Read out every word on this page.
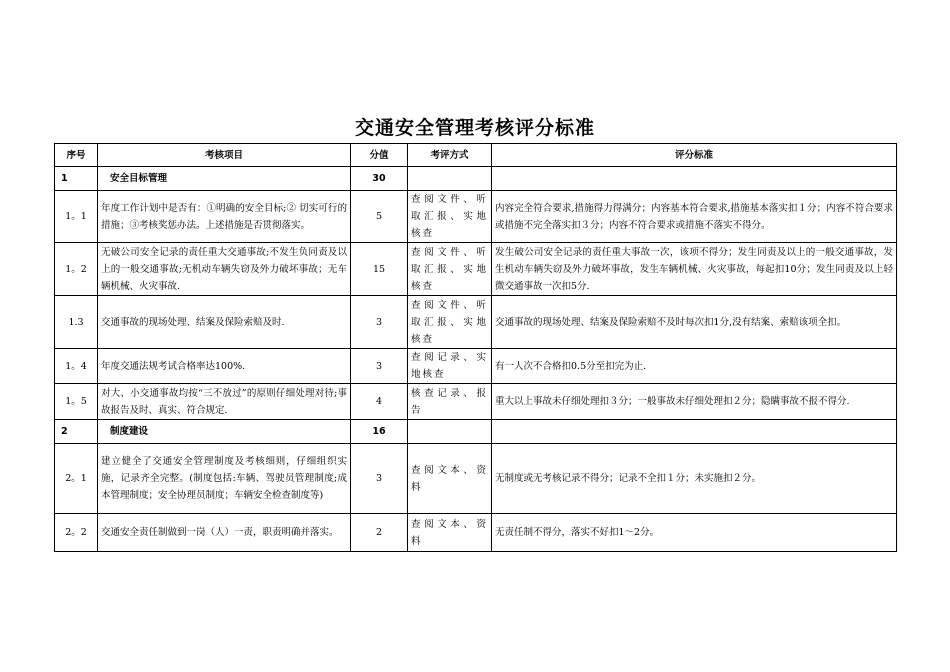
交通安全管理考核评分标准
序号	考核项目	分值	考评方式	评分标准
1	安全目标管理	30		
1。1	年度工作计划中是否有：①明确的安全目标;② 切实可行的措施；③考核奖惩办法。上述措施是否贯彻落实。	5	查阅文件、听取汇报、实地核查	内容完全符合要求,措施得力得满分；内容基本符合要求,措施基本落实扣１分；内容不符合要求或措施不完全落实扣３分；内容不符合要求或措施不落实不得分。
1。2	无破公司安全记录的责任重大交通事故;不发生负同责及以上的一般交通事故;无机动车辆失窃及外力破坏事故；无车辆机械、火灾事故.	15	查阅文件、听取汇报、实地核查	发生破公司安全记录的责任重大事故一次，该项不得分；发生同责及以上的一般交通事故，发生机动车辆失窃及外力破坏事故，发生车辆机械、火灾事故，每起扣10分；发生同责及以上轻微交通事故一次扣5分.
1.3	交通事故的现场处理、结案及保险索赔及时.	3	查阅文件、听取汇报、实地核查	交通事故的现场处理、结案及保险索赔不及时每次扣1分,没有结案、索赔该项全扣。
1。4	年度交通法规考试合格率达100%.	3	查阅记录、实地核查	有一人次不合格扣0.5分至扣完为止.
1。5	对大、小交通事故均按“三不放过”的原则仔细处理对待;事故报告及时、真实、符合规定.	4	核查记录、报告	重大以上事故未仔细处理扣３分；一般事故未仔细处理扣２分；隐瞒事故不报不得分.
2	制度建设	16		
2。1	建立健全了交通安全管理制度及考核细则，仔细组织实施，记录齐全完整。(制度包括:车辆、驾驶员管理制度;成本管理制度；安全协理员制度；车辆安全检查制度等)	3	查阅文本、资料	无制度或无考核记录不得分；记录不全扣１分；未实施扣２分。
2。2	交通安全责任制做到一岗（人）一责，职责明确并落实。	2	查阅文本、资料	无责任制不得分，落实不好扣1～2分。
